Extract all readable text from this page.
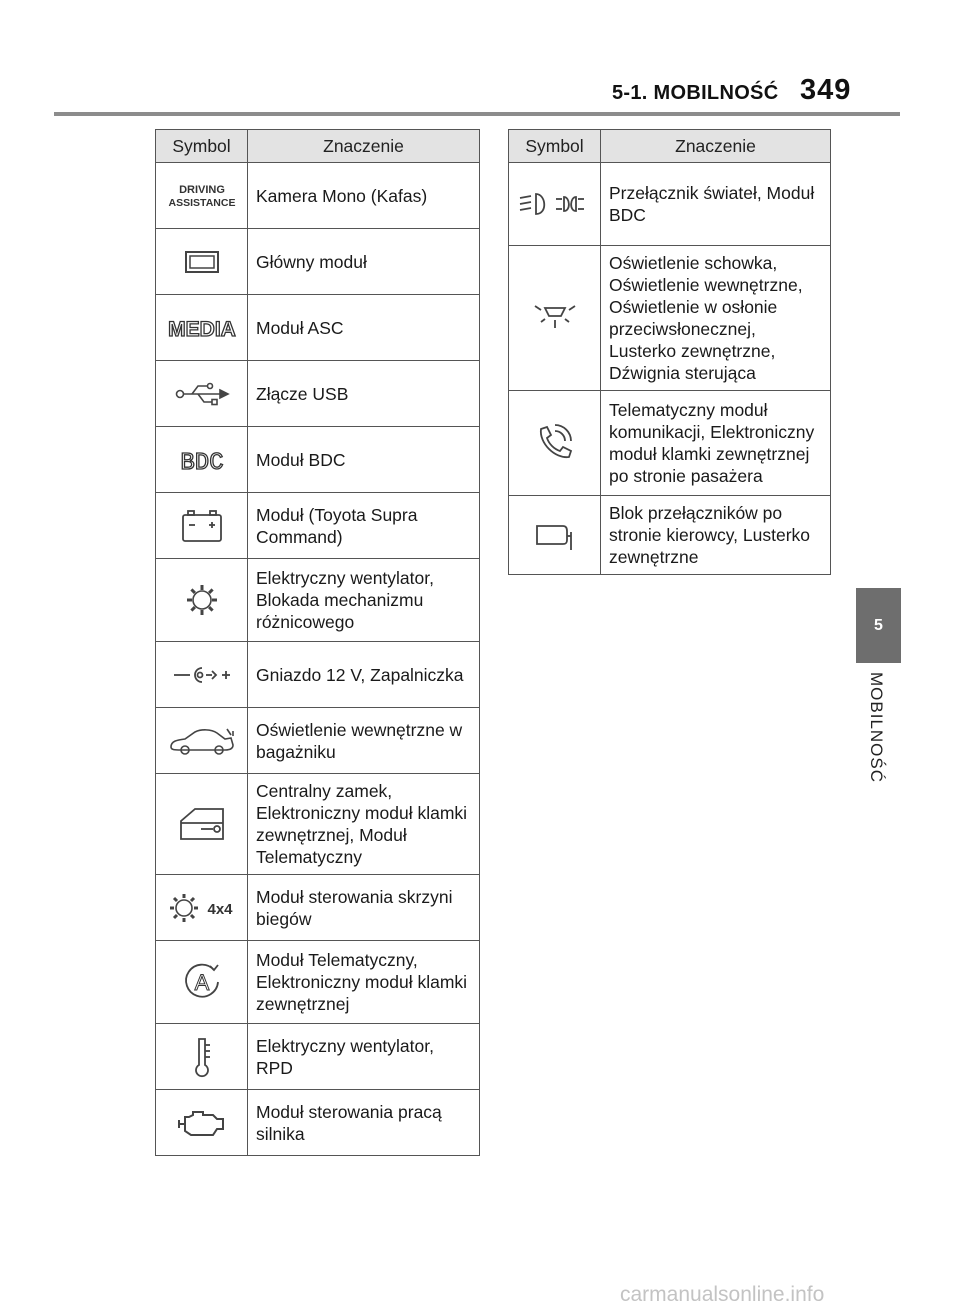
5-1. MOBILNOŚĆ 349
Symbol	Znaczenie

DRIVING
ASSISTANCE	Kamera Mono (Kafas)

	Główny moduł

MEDIA	Moduł ASC

	Złącze USB

BDC	Moduł BDC

	Moduł (Toyota Supra Command)

	Elektryczny wentylator, Blokada mechanizmu różnicowego

	Gniazdo 12 V, Zapalniczka

	Oświetlenie wewnętrzne w bagażniku

	Centralny zamek, Elektroniczny moduł klamki zewnętrznej, Moduł Telematyczny

4x4	Moduł sterowania skrzyni biegów

A	Moduł Telematyczny, Elektroniczny moduł klamki zewnętrznej

	Elektryczny wentylator, RPD

	Moduł sterowania pracą silnika
Symbol	Znaczenie

	Przełącznik świateł, Moduł BDC

	Oświetlenie schowka, Oświetlenie wewnętrzne, Oświetlenie w osłonie przeciwsłonecznej, Lusterko zewnętrzne, Dźwignia sterująca

	Telematyczny moduł komunikacji, Elektroniczny moduł klamki zewnętrznej po stronie pasażera

	Blok przełączników po stronie kierowcy, Lusterko zewnętrzne
5
MOBILNOŚĆ
carmanualsonline.info
